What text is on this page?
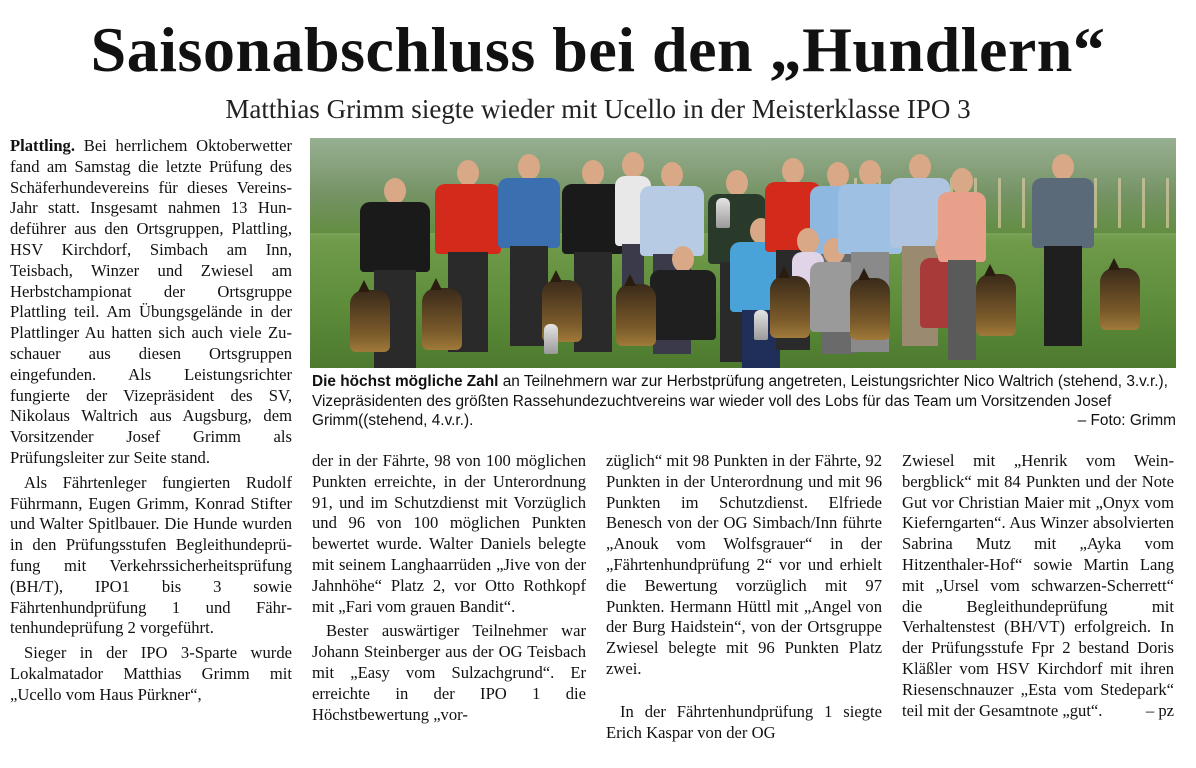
Saisonabschluss bei den „Hundlern“
Matthias Grimm siegte wieder mit Ucello in der Meisterklasse IPO 3

Plattling. Bei herrlichem Oktoberwetter fand am Samstag die letzte Prüfung des Schäferhundevereins für dieses Vereins-Jahr statt. Insgesamt nahmen 13 Hundeführer aus den Ortsgruppen, Plattling, HSV Kirchdorf, Simbach am Inn, Teisbach, Winzer und Zwiesel am Herbstchampionat der Ortsgruppe Plattling teil. Am Übungsgelände in der Plattlinger Au hatten sich auch viele Zuschauer aus diesen Ortsgruppen eingefunden. Als Leistungsrichter fungierte der Vizepräsident des SV, Nikolaus Waltrich aus Augsburg, dem Vorsitzender Josef Grimm als Prüfungsleiter zur Seite stand.

Als Fährtenleger fungierten Rudolf Führmann, Eugen Grimm, Konrad Stifter und Walter Spitlbauer. Die Hunde wurden in den Prüfungsstufen Begleithundeprüfung mit Verkehrssicherheitsprüfung (BH/T), IPO1 bis 3 sowie Fährtenhundprüfung 1 und Fährtenhundeprüfung 2 vorgeführt.

Sieger in der IPO 3-Sparte wurde Lokalmatador Matthias Grimm mit „Ucello vom Haus Pürkner“,

Die höchst mögliche Zahl an Teilnehmern war zur Herbstprüfung angetreten, Leistungsrichter Nico Waltrich (stehend, 3.v.r.), Vizepräsidenten des größten Rassehundezuchtvereins war wieder voll des Lobs für das Team um Vorsitzenden Josef Grimm((stehend, 4.v.r.).	– Foto: Grimm

der in der Fährte, 98 von 100 möglichen Punkten erreichte, in der Unterordnung 91, und im Schutzdienst mit Vorzüglich und 96 von 100 möglichen Punkten bewertet wurde. Walter Daniels belegte mit seinem Langhaarrüden „Jive von der Jahnhöhe“ Platz 2, vor Otto Rothkopf mit „Fari vom grauen Bandit“.

Bester auswärtiger Teilnehmer war Johann Steinberger aus der OG Teisbach mit „Easy vom Sulzachgrund“. Er erreichte in der IPO 1 die Höchstbewertung „vor-

züglich“ mit 98 Punkten in der Fährte, 92 Punkten in der Unterordnung und mit 96 Punkten im Schutzdienst. Elfriede Benesch von der OG Simbach/Inn führte „Anouk vom Wolfsgrauer“ in der „Fährtenhundprüfung 2“ vor und erhielt die Bewertung vorzüglich mit 97 Punkten. Hermann Hüttl mit „Angel von der Burg Haidstein“, von der Ortsgruppe Zwiesel belegte mit 96 Punkten Platz zwei.

In der Fährtenhundprüfung 1 siegte Erich Kaspar von der OG

Zwiesel mit „Henrik vom Weinbergblick“ mit 84 Punkten und der Note Gut vor Christian Maier mit „Onyx vom Kieferngarten“. Aus Winzer absolvierten Sabrina Mutz mit „Ayka vom Hitzenthaler-Hof“ sowie Martin Lang mit „Ursel vom schwarzen-Scherrett“ die Begleithundeprüfung mit Verhaltenstest (BH/VT) erfolgreich. In der Prüfungsstufe Fpr 2 bestand Doris Kläßler vom HSV Kirchdorf mit ihren Riesenschnauzer „Esta vom Stedepark“ teil mit der Gesamtnote „gut“.	– pz
